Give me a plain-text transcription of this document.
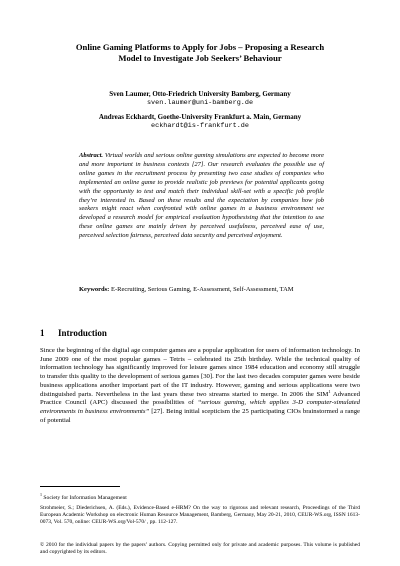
Online Gaming Platforms to Apply for Jobs – Proposing a Research
Model to Investigate Job Seekers’ Behaviour
Sven Laumer, Otto-Friedrich University Bamberg, Germany
sven.laumer@uni-bamberg.de
Andreas Eckhardt, Goethe-University Frankfurt a. Main, Germany
eckhardt@is-frankfurt.de
Abstract. Virtual worlds and serious online gaming simulations are expected to become more and more important in business contexts [27]. Our research evaluates the possible use of online games in the recruitment process by presenting two case studies of companies who implemented an online game to provide realistic job previews for potential applicants going with the opportunity to test and match their individual skill-set with a specific job profile they’re interested in. Based on these results and the expectation by companies how job seekers might react when confronted with online games in a business environment we developed a research model for empirical evaluation hypothesising that the intention to use these online games are mainly driven by perceived usefulness, perceived ease of use, perceived selection fairness, perceived data security and perceived enjoyment.
Keywords: E-Recruiting, Serious Gaming, E-Assessment, Self-Assessment, TAM
1 Introduction
Since the beginning of the digital age computer games are a popular application for users of information technology. In June 2009 one of the most popular games – Tetris – celebrated its 25th birthday. While the technical quality of information technology has significantly improved for leisure games since 1984 education and economy still struggle to transfer this quality to the development of serious games [30]. For the last two decades computer games were beside business applications another important part of the IT industry. However, gaming and serious applications were two distinguished parts. Nevertheless in the last years these two streams started to merge. In 2006 the SIM$^1$ Advanced Practice Council (APC) discussed the possibilities of “serious gaming, which applies 3-D computer-simulated environments in business environments” [27]. Being initial scepticism the 25 participating CIOs brainstormed a range of potential
$^1$ Society for Information Management
Strohmeier, S.; Diederichsen, A. (Eds.), Evidence-Based e-HRM? On the way to rigorous and relevant research, Proceedings of the Third European Academic Workshop on electronic Human Resource Management, Bamberg, Germany, May 20-21, 2010, CEUR-WS.org, ISSN 1613-0073, Vol. 570, online: CEUR-WS.org/Vol-570/ , pp. 112-127.
© 2010 for the individual papers by the papers’ authors. Copying permitted only for private and academic purposes. This volume is published and copyrighted by its editors.
